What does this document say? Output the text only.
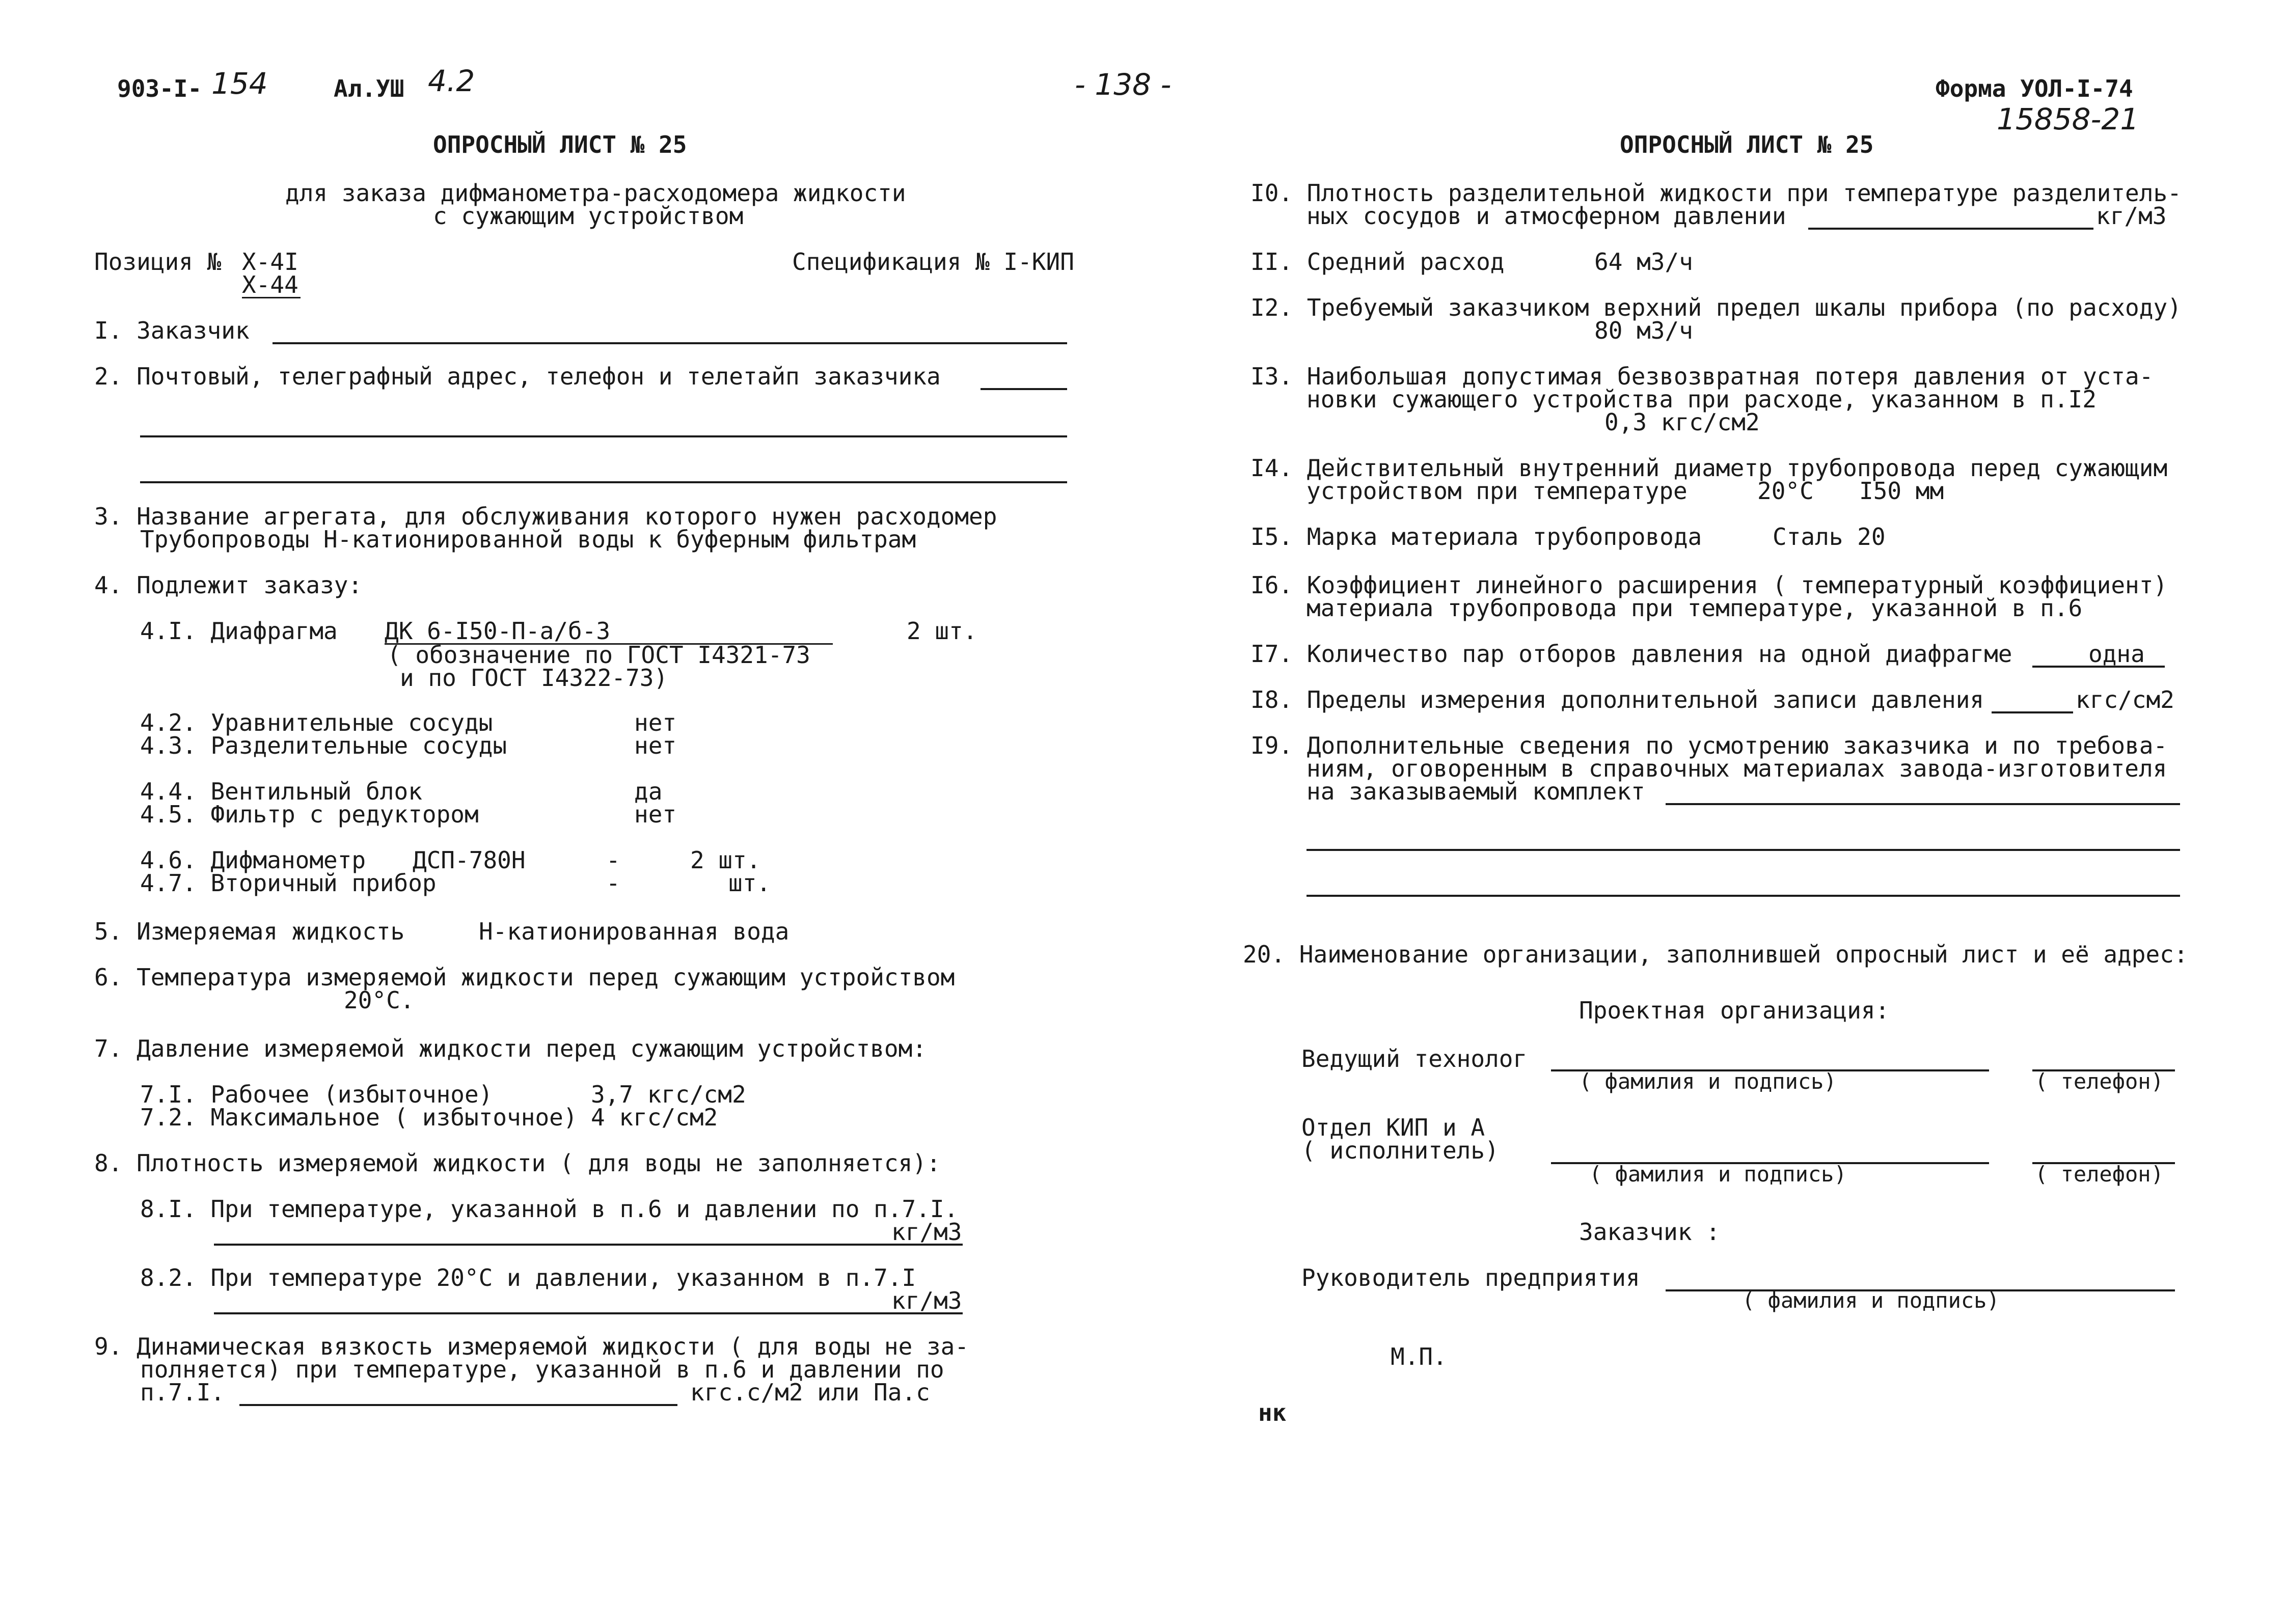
903-I- 154	Ал.УШ 4.2	- 138 -	Форма УОЛ-I-74
15858-21
ОПРОСНЫЙ ЛИСТ № 25
для заказа дифманометра-расходомера жидкости
с сужающим устройством
Позиция № Х-4I
Х-44
Спецификация № I-КИП
I. Заказчик
2. Почтовый, телеграфный адрес, телефон и телетайп заказчика
3. Название агрегата, для обслуживания которого нужен расходомер
Трубопроводы Н-катионированной воды к буферным фильтрам
4. Подлежит заказу:
4.I. Диафрагма ДК 6-I50-П-а/б-3	2 шт.
( обозначение по ГОСТ I4321-73
и по ГОСТ I4322-73)
4.2. Уравнительные сосуды	нет
4.3. Разделительные сосуды	нет
4.4. Вентильный блок	да
4.5. Фильтр с редуктором	нет
4.6. Дифманометр ДСП-780Н	-	2 шт.
4.7. Вторичный прибор	-	шт.
5. Измеряемая жидкость	Н-катионированная вода
6. Температура измеряемой жидкости перед сужающим устройством
20°С.
7. Давление измеряемой жидкости перед сужающим устройством:
7.I. Рабочее (избыточное)	3,7 кгс/см2
7.2. Максимальное ( избыточное) 4 кгс/см2
8. Плотность измеряемой жидкости ( для воды не заполняется):
8.I. При температуре, указанной в п.6 и давлении по п.7.I.
кг/м3
8.2. При температуре 20°С и давлении, указанном в п.7.I
кг/м3
9. Динамическая вязкость измеряемой жидкости ( для воды не за-
полняется) при температуре, указанной в п.6 и давлении по
п.7.I.	кгс.с/м2 или Па.с
ОПРОСНЫЙ ЛИСТ № 25
I0. Плотность разделительной жидкости при температуре разделитель-
ных сосудов и атмосферном давлении	кг/м3
II. Средний расход	64 м3/ч
I2. Требуемый заказчиком верхний предел шкалы прибора (по расходу)
80 м3/ч
I3. Наибольшая допустимая безвозвратная потеря давления от уста-
новки сужающего устройства при расходе, указанном в п.I2
0,3 кгс/см2
I4. Действительный внутренний диаметр трубопровода перед сужающим
устройством при температуре	20°С I50 мм
I5. Марка материала трубопровода	Сталь 20
I6. Коэффициент линейного расширения ( температурный коэффициент)
материала трубопровода при температуре, указанной в п.6
I7. Количество пар отборов давления на одной диафрагме	одна
I8. Пределы измерения дополнительной записи давления	кгс/см2
I9. Дополнительные сведения по усмотрению заказчика и по требова-
ниям, оговоренным в справочных материалах завода-изготовителя
на заказываемый комплект
20. Наименование организации, заполнившей опросный лист и её адрес:
Проектная организация:
Ведущий технолог
( фамилия и подпись)	( телефон)
Отдел КИП и А
( исполнитель)
( фамилия и подпись)	( телефон)
Заказчик :
Руководитель предприятия
( фамилия и подпись)
М.П.
нк
